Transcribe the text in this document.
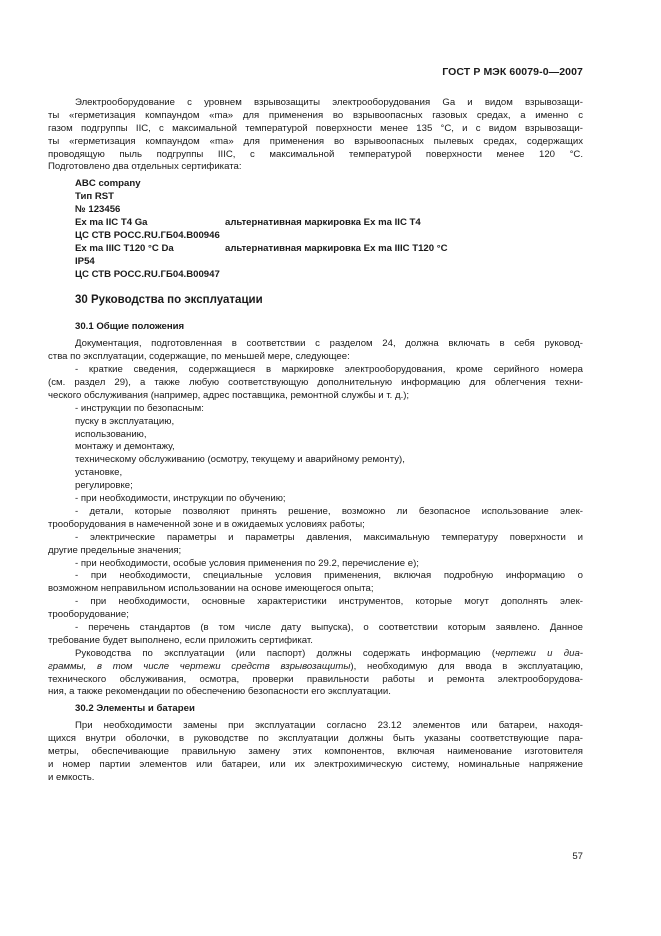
ГОСТ Р МЭК 60079-0—2007
Электрооборудование с уровнем взрывозащиты электрооборудования Ga и видом взрывозащи-
ты «герметизация компаундом «ma» для применения во взрывоопасных газовых средах, а именно с
газом подгруппы IIC, с максимальной температурой поверхности менее 135 °C, и с видом взрывозащи-
ты «герметизация компаундом «ma» для применения во взрывоопасных пылевых средах, содержащих
проводящую пыль подгруппы IIIC, с максимальной температурой поверхности менее 120 °C.
Подготовлено два отдельных сертификата:
ABC company
Тип RST
№ 123456
Ex ma IIC T4 Ga	альтернативная маркировка Ex ma IIC T4
ЦС СТВ РОСС.RU.ГБ04.В00946
Ex ma IIIC T120 °C Da	альтернативная маркировка Ex ma IIIC T120 °C
IP54
ЦС СТВ РОСС.RU.ГБ04.В00947
30 Руководства по эксплуатации
30.1 Общие положения
Документация, подготовленная в соответствии с разделом 24, должна включать в себя руковод-
ства по эксплуатации, содержащие, по меньшей мере, следующее:
- краткие сведения, содержащиеся в маркировке электрооборудования, кроме серийного номера
(см. раздел 29), а также любую соответствующую дополнительную информацию для облегчения техни-
ческого обслуживания (например, адрес поставщика, ремонтной службы и т. д.);
- инструкции по безопасным:
пуску в эксплуатацию,
использованию,
монтажу и демонтажу,
техническому обслуживанию (осмотру, текущему и аварийному ремонту),
установке,
регулировке;
- при необходимости, инструкции по обучению;
- детали, которые позволяют принять решение, возможно ли безопасное использование элек-
трооборудования в намеченной зоне и в ожидаемых условиях работы;
- электрические параметры и параметры давления, максимальную температуру поверхности и
другие предельные значения;
- при необходимости, особые условия применения по 29.2, перечисление е);
- при необходимости, специальные условия применения, включая подробную информацию о
возможном неправильном использовании на основе имеющегося опыта;
- при необходимости, основные характеристики инструментов, которые могут дополнять элек-
трооборудование;
- перечень стандартов (в том числе дату выпуска), о соответствии которым заявлено. Данное
требование будет выполнено, если приложить сертификат.
Руководства по эксплуатации (или паспорт) должны содержать информацию (чертежи и диа-
граммы, в том числе чертежи средств взрывозащиты), необходимую для ввода в эксплуатацию,
технического обслуживания, осмотра, проверки правильности работы и ремонта электрооборудова-
ния, а также рекомендации по обеспечению безопасности его эксплуатации.
30.2 Элементы и батареи
При необходимости замены при эксплуатации согласно 23.12 элементов или батареи, находя-
щихся внутри оболочки, в руководстве по эксплуатации должны быть указаны соответствующие пара-
метры, обеспечивающие правильную замену этих компонентов, включая наименование изготовителя
и номер партии элементов или батареи, или их электрохимическую систему, номинальные напряжение
и емкость.
57
